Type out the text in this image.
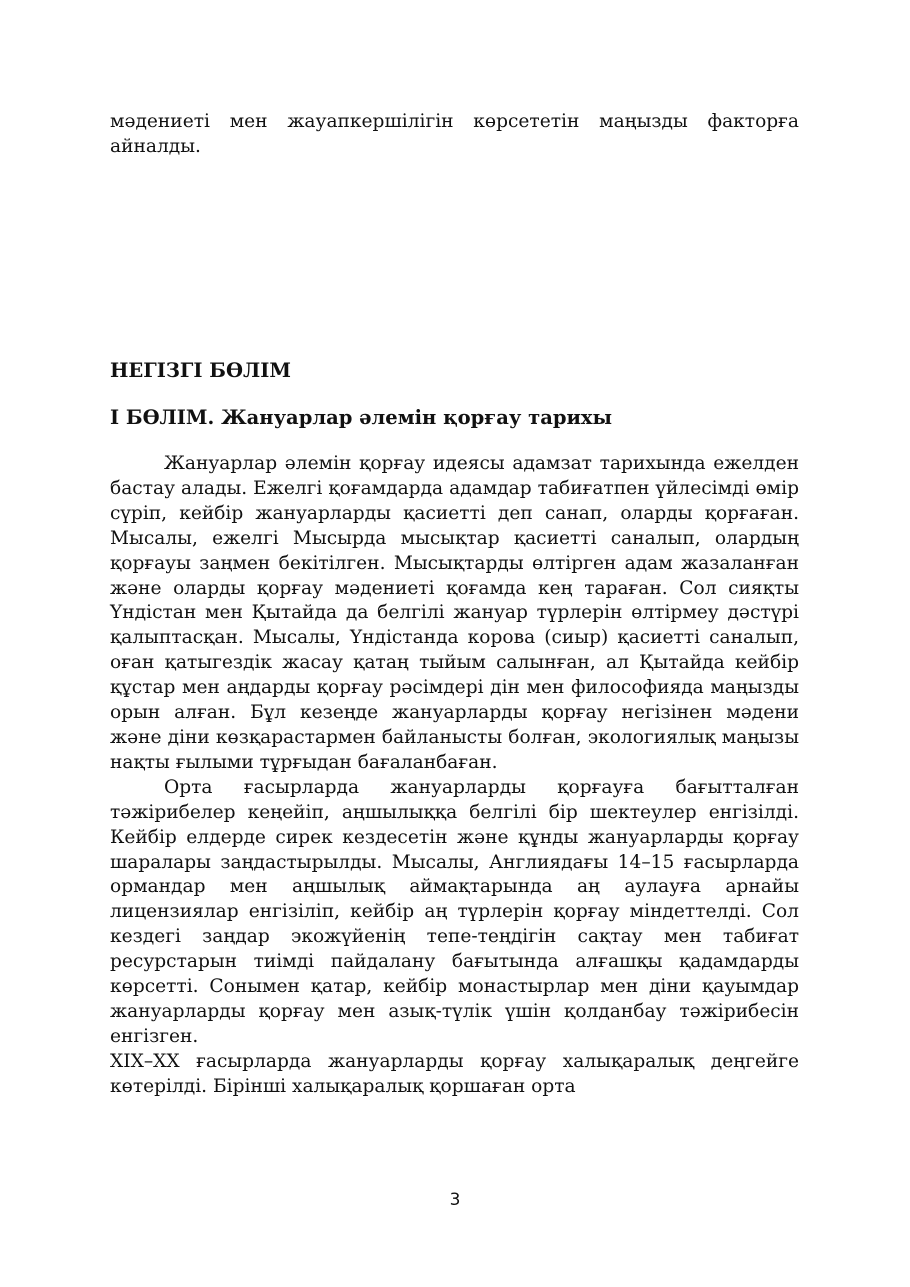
мәдениеті мен жауапкершілігін көрсететін маңызды факторға айналды.

НЕГІЗГІ БӨЛІМ
І БӨЛІМ. Жануарлар әлемін қорғау тарихы

Жануарлар әлемін қорғау идеясы адамзат тарихында ежелден бастау алады. Ежелгі қоғамдарда адамдар табиғатпен үйлесімді өмір сүріп, кейбір жануарларды қасиетті деп санап, оларды қорғаған. Мысалы, ежелгі Мысырда мысықтар қасиетті саналып, олардың қорғауы заңмен бекітілген. Мысықтарды өлтірген адам жазаланған және оларды қорғау мәдениеті қоғамда кең тараған. Сол сияқты Үндістан мен Қытайда да белгілі жануар түрлерін өлтірмеу дәстүрі қалыптасқан. Мысалы, Үндістанда корова (сиыр) қасиетті саналып, оған қатыгездік жасау қатаң тыйым салынған, ал Қытайда кейбір құстар мен аңдарды қорғау рәсімдері дін мен философияда маңызды орын алған. Бұл кезеңде жануарларды қорғау негізінен мәдени және діни көзқарастармен байланысты болған, экологиялық маңызы нақты ғылыми тұрғыдан бағаланбаған.

Орта ғасырларда жануарларды қорғауға бағытталған тәжірибелер кеңейіп, аңшылыққа белгілі бір шектеулер енгізілді. Кейбір елдерде сирек кездесетін және құнды жануарларды қорғау шаралары заңдастырылды. Мысалы, Англиядағы 14–15 ғасырларда ормандар мен аңшылық аймақтарында аң аулауға арнайы лицензиялар енгізіліп, кейбір аң түрлерін қорғау міндеттелді. Сол кездегі заңдар экожүйенің тепе-теңдігін сақтау мен табиғат ресурстарын тиімді пайдалану бағытында алғашқы қадамдарды көрсетті. Сонымен қатар, кейбір монастырлар мен діни қауымдар жануарларды қорғау мен азық-түлік үшін қолданбау тәжірибесін енгізген.

XIX–XX ғасырларда жануарларды қорғау халықаралық деңгейге көтерілді. Бірінші халықаралық қоршаған орта

3
